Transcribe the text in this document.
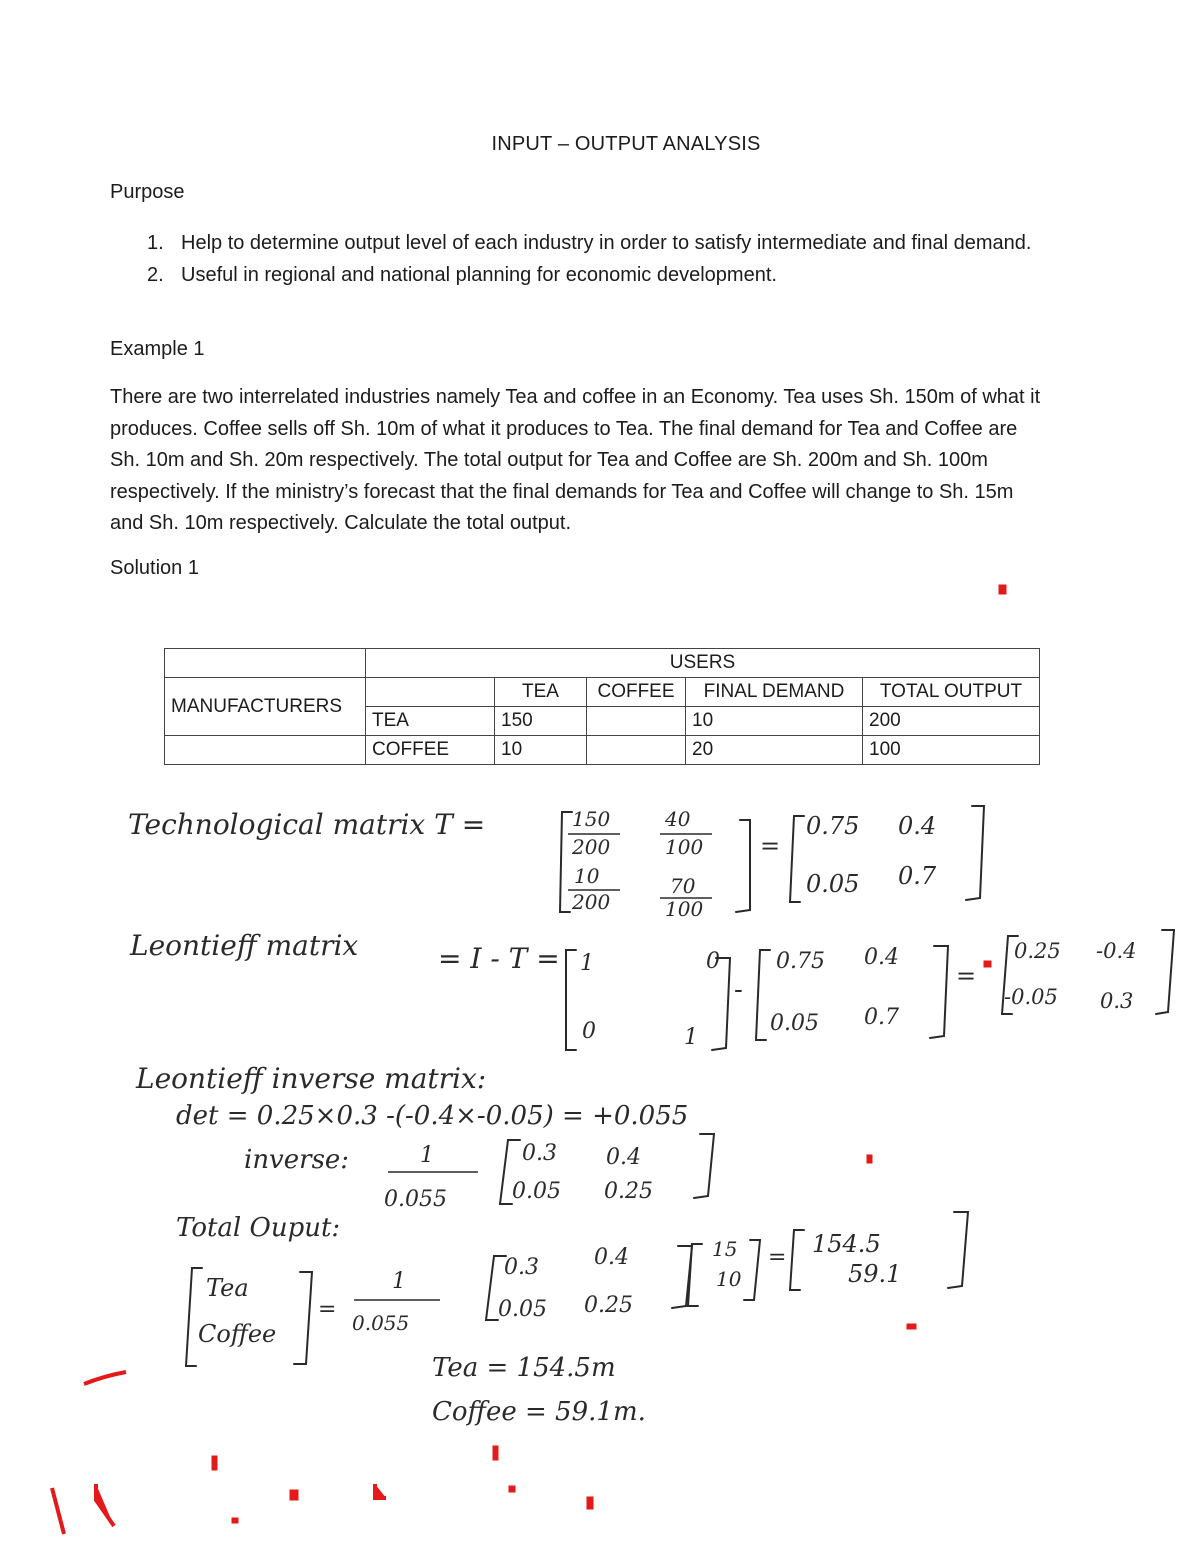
INPUT – OUTPUT ANALYSIS
Purpose
1. Help to determine output level of each industry in order to satisfy intermediate and final demand.
2. Useful in regional and national planning for economic development.
Example 1
There are two interrelated industries namely Tea and coffee in an Economy. Tea uses Sh. 150m of what it produces. Coffee sells off Sh. 10m of what it produces to Tea. The final demand for Tea and Coffee are Sh. 10m and Sh. 20m respectively. The total output for Tea and Coffee are Sh. 200m and Sh. 100m respectively. If the ministry’s forecast that the final demands for Tea and Coffee will change to Sh. 15m and Sh. 10m respectively. Calculate the total output.
Solution 1
	USERS				
MANUFACTURERS		TEA	COFFEE	FINAL DEMAND	TOTAL OUTPUT
	TEA	150		10	200
	COFFEE	10		20	100
Technological matrix T =	150
200
40
100
10
200
70
100
=
0.75 0.4
0.05 0.7
Leontieff matrix	= I - T = 1	0
0	1
-
0.75 0.4
0.05 0.7
=
0.25 -0.4
-0.05 0.3
Leontieff inverse matrix:
det = 0.25×0.3 -(-0.4×-0.05) = +0.055
inverse:	1
0.055
0.3 0.4
0.05 0.25
Total Ouput:
Tea
Coffee
=
1
0.055
0.3	0.4
0.05 0.25
15
10
= 154.5
59.1
Tea = 154.5m
Coffee = 59.1m.
